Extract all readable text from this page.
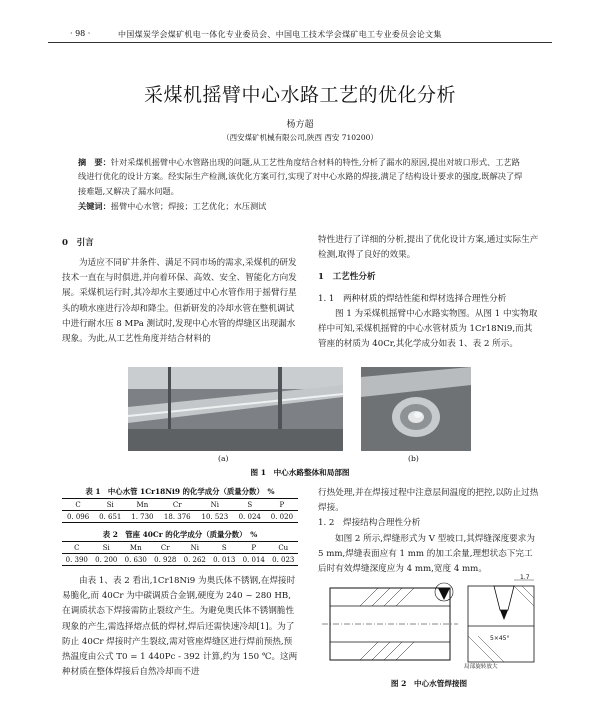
· 98 ·	中国煤炭学会煤矿机电一体化专业委员会、中国电工技术学会煤矿电工专业委员会论文集
采煤机摇臂中心水路工艺的优化分析
杨方超
（西安煤矿机械有限公司,陕西 西安 710200）
摘　要：针对采煤机摇臂中心水管路出现的问题,从工艺性角度结合材料的特性,分析了漏水的原因,提出对坡口形式、工艺路线进行优化的设计方案。经实际生产检测,该优化方案可行,实现了对中心水路的焊接,满足了结构设计要求的强度,既解决了焊接难题,又解决了漏水问题。
关键词：摇臂中心水管；焊接；工艺优化；水压测试
0　引言

为适应不同矿井条件、满足不同市场的需求,采煤机的研发技术一直在与时俱进,并向着环保、高效、安全、智能化方向发展。采煤机运行时,其冷却水主要通过中心水管作用于摇臂行星头的喷水座进行冷却和降尘。但新研发的冷却水管在整机调试中进行耐水压 8 MPa 测试时,发现中心水管的焊缝区出现漏水现象。为此,从工艺性角度并结合材料的

特性进行了详细的分析,提出了优化设计方案,通过实际生产检测,取得了良好的效果。

1　工艺性分析

1. 1　两种材质的焊结性能和焊材选择合理性分析

图 1 为采煤机摇臂中心水路实物图。从图 1 中实物取样中可知,采煤机摇臂的中心水管材质为 1Cr18Ni9,而其管座的材质为 40Cr,其化学成分如表 1、表 2 所示。

(a)	(b)
图 1　中心水路整体和局部图
表 1　中心水管 1Cr18Ni9 的化学成分（质量分数）　%
C	Si	Mn	Cr	Ni	S	P
0. 096	0. 651	1. 730	18. 376	10. 523	0. 024	0. 020
表 2　管座 40Cr 的化学成分（质量分数）　%
C	Si	Mn	Cr	Ni	S	P	Cu
0. 390	0. 200	0. 630	0. 928	0. 262	0. 013	0. 014	0. 023

由表 1、表 2 看出,1Cr18Ni9 为奥氏体不锈钢,在焊接时易脆化,而 40Cr 为中碳调质合金钢,硬度为 240 ~ 280 HB,在调质状态下焊接需防止裂纹产生。为避免奥氏体不锈钢脆性现象的产生,需选择熔点低的焊材,焊后还需快速冷却[1]。为了防止 40Cr 焊接时产生裂纹,需对管座焊缝区进行焊前预热,预热温度由公式 T0 = 1 440Pc - 392 计算,约为 150 ℃。这两种材质在整体焊接后自然冷却而不进

行热处理,并在焊接过程中注意层间温度的把控,以防止过热焊接。

1. 2　焊接结构合理性分析

如图 2 所示,焊缝形式为 V 型坡口,其焊缝深度要求为 5 mm,焊缝表面应有 1 mm 的加工余量,理想状态下完工后时有效焊缝深度应为 4 mm,宽度 4 mm。

1.7
5×45°
局部旋转放大
图 2　中心水管焊接图
